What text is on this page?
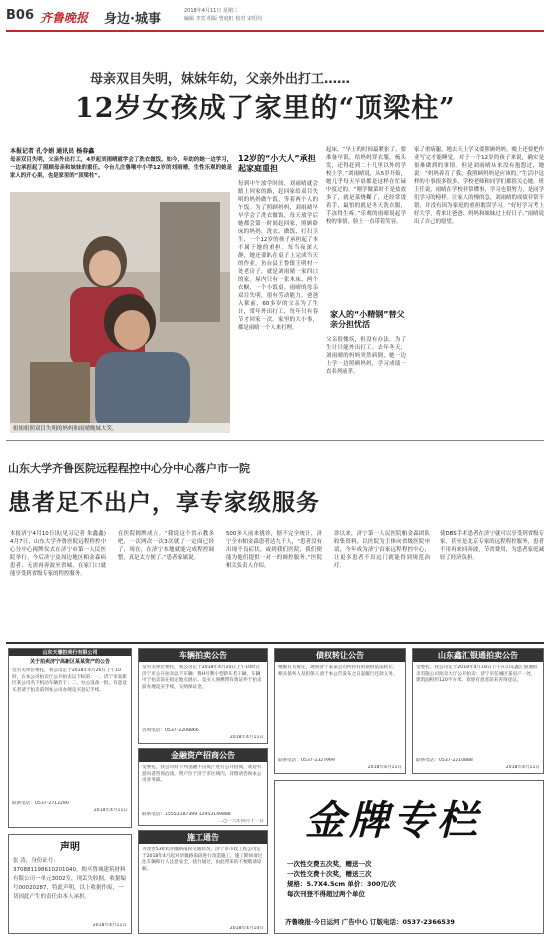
B06 齐鲁晚报 身边·城事
2018年4月11日 星期三
编辑 李宾 组版 曾庭虹 校对 宋绍均
母亲双目失明，妹妹年幼，父亲外出打工……
12岁女孩成了家里的“顶梁柱”
本报记者 孔令娟 通讯员 杨春鑫
母亲双目失明，父亲外出打工，4岁起刘雨晴就学会了洗衣做饭。如今，年幼的她一边学习，一边承担起了照顾母亲和妹妹的重任。今台儿庄鲁喉中小学12岁的刘雨晴，生性乐观的她是家人的开心果，也是家里的“顶梁柱”。
姐姐姐照双目失明的妈妈和雨晴晚妹大笑。
12岁的“小大人”承担起家庭重担
每到中午放学时间，刘雨晴就会踏上回家的路，赶回家给双目失明的妈妈做午饭，等着两个人的午饭。为了照顾妈妈，刘雨晴早早学会了洗衣做饭，每天放学后她都会第一时间赶回家，照顾卧床的妈妈，洗衣、做饭、打扫卫生，一个12岁的孩子承担起了本不属于她的重担。每当夜深人静，她还要趴在桌子上完成当天的作业。鱼台县王鲁镇王明村一处老房子，就是刘雨晴一家四口的家。屋内只有一张木床、两个衣橱，一个小饭桌。雨晴的母亲双目失明，很有劳动能力，爸爸入狱前，60多岁的父亲为了生计，常年外出打工，每年只有春节才回家一次。家里的大小事，都是雨晴一个人来打理。
起床，“早上的时间最紧张了，要准备早饭，给妈妈穿衣服，梳头发，还得赶到二十几里以外的学校上学。”刘雨晴说，从5岁开始，她几乎每天早晨都是这样在忙碌中度过的。“刚学做菜时不是盐放多了，就是菜烧糊了，还经常烫着手，最怕的就是冬天洗衣服，手冻得生疼。”乐观的雨晴说起学校的事情，脸上一直带着笑容。
家人的“小精钢”替父亲分担忧活
父亲很愧疚，但没有办法，为了生计只能外出打工。去年冬天，刘雨晴的妈妈突然病倒，她一边上学一边照顾妈妈，学习成绩一直名列前茅。
家了重病腿，地去天上学又要照顾妈妈，晚上还要把作业写完才能睡觉。对于一个12岁的孩子来说，确实是很难做到的事情。但是刘雨晴从来没有抱怨过，她说：“妈妈养育了我，我照顾妈妈是应该的。”生活中这样的小事很多很多，学校老师和同学们都很关心她。班主任说，雨晴在学校非常懂事，学习也很努力，是同学们学习的榜样。让家人的慢的急，刘雨晴的成绩非常不错，并没有因为家庭的重担耽误学习。“好好学习考上好大学，将来让爸爸、妈妈和妹妹过上好日子。”雨晴说出了自己的愿望。
山东大学齐鲁医院远程程控中心分中心落户市一院
患者足不出户，享专家级服务
本报济宁4月10日讯(见习记者 朱鑫鑫) 4月7日，山东大学齐鲁医院远程程控中心分中心揭牌仪式在济宁市第一人民医院举行。今后济宁及周边地区帕金森病患者，无需再奔波至省城，在家门口就能享受到省级专家的程控服务。
在医院揭牌成立。“我说这个省示教多吧，一次两次一次3次就了一定面已经了，现在，在济宁本地就能完成程控调整，真是太方便了。”患者家属说。
500多人前来挑诊，据不完全统计，济宁全市帕金森患者达九千人，“患者没有出现不良症状，或到我们医院，我们便能为他们提供一对一的调控服务。”医院相关负责人介绍。
诊以来，济宁第一人民医院帕金森团队收集资料，以医院为主体向省级医院申请，今年成为济宁首家远程程控中心，让更多患者不出远门就能得到规范治疗。
使DBS手术患者在济宁就可以享受到省级专家，甚至是北京专家的远程程控服务，患者不用再来回奔波，节省费用，为患者家庭减轻了经济负担。
山东天壕拍卖行有限公司
关于拍卖济宁高新区某某资产的公告
受有关单位委托，我公司定于2018年4月26日上午10时，在本公司拍卖厅公开拍卖以下标的：一、济宁市高新区某公司名下机动车辆若干；二、办公设备一批。有意竞买者请于拍卖前到本公司办理竞买登记手续。
联系电话：0537-2712290
2018年4月11日
声明
张 涛，身份证号：370881198610201040，购买鲁城建筑材料有限公司一单元3002室，现丢失收据，收据编号00020287，特此声明，以上收据作废，一切因此产生的责任由本人承担。
2018年4月11日
车辆拍卖公告
受有关单位委托，我公司定于2018年4月20日上午10时在济宁市公开拍卖以下车辆：鲁H号牌小型轿车若干辆，车辆可于拍卖前在指定地点展示。竞买人须携带有效证件于拍卖前办理竞买手续，交纳保证金。
咨询电话：0537-2208866
2018年4月11日
金融资产招商公告
受委托，我公司对下列金融不良资产进行公开招商，欢迎有意向者咨询洽谈。资产位于济宁市区域内，详情请咨询本公司业务部。
联系电话：15553187399 12953149888
二○一八年四月十一日
施工通告
为改善530米济微路南段交通状况，济宁市市政工程公司定于2018年4月起对济微路南段进行改造施工，施工期间请过往车辆和行人注意安全，绕行通过，由此带来的不便敬请谅解。
2018年4月10日
债权转让公告
根据有关规定，现将济宁某某公司所持有的债权依法转让，相关债务人及担保人请于本公告发布之日起履行还款义务。
联系电话：0537-2327999
2018年4月11日
山东鑫汇银通拍卖公告
受委托，我公司定于2018年4月18日下午在山东鑫汇银通拍卖有限公司拍卖大厅公开拍卖：济宁市任城区某房产一处，建筑面积约120平方米。欢迎有意者前来咨询登记。
联系电话：0537-2210888
2018年4月11日
金牌专栏
一次性交费五次奖，赠送一次
一次性交费十次奖，赠送三次
规格：5.7X4.5cm 单价：300元/次
每次刊登不得超过两个单位
齐鲁晚报·今日运河 广告中心 订版电话：0537-2366539
